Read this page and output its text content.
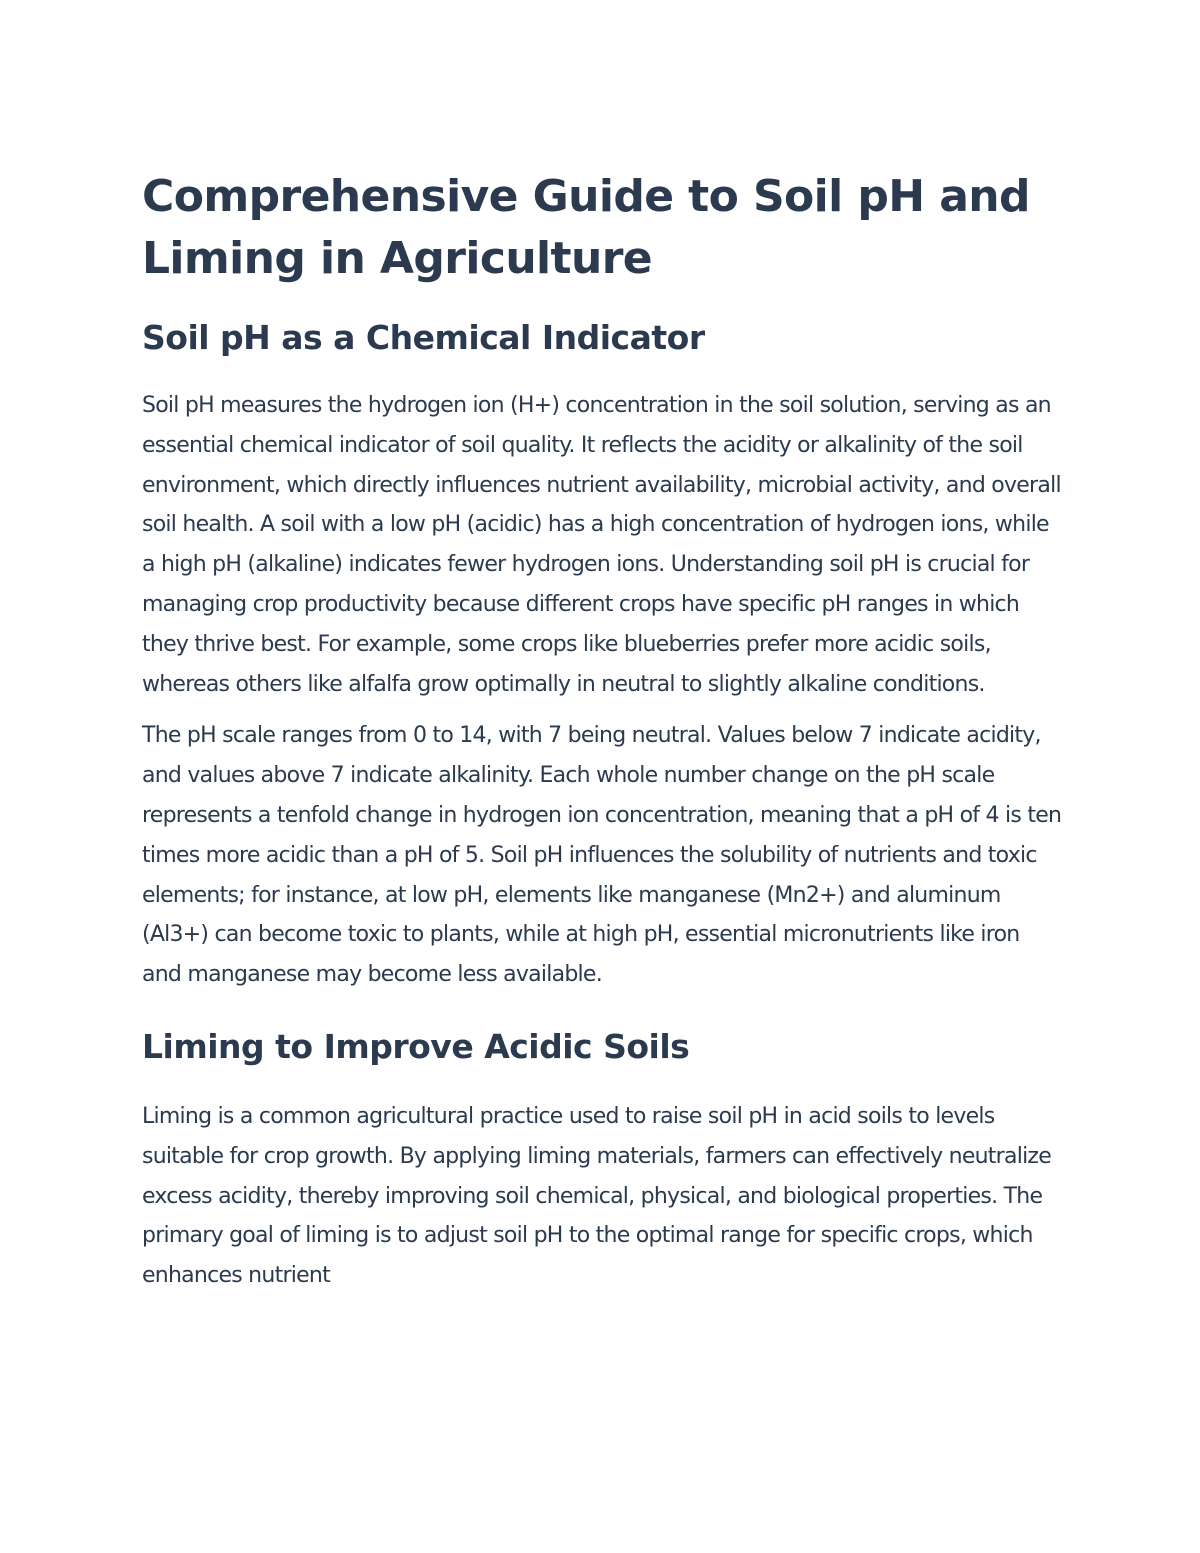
Comprehensive Guide to Soil pH and Liming in Agriculture
Soil pH as a Chemical Indicator

Soil pH measures the hydrogen ion (H+) concentration in the soil solution, serving as an essential chemical indicator of soil quality. It reflects the acidity or alkalinity of the soil environment, which directly influences nutrient availability, microbial activity, and overall soil health. A soil with a low pH (acidic) has a high concentration of hydrogen ions, while a high pH (alkaline) indicates fewer hydrogen ions. Understanding soil pH is crucial for managing crop productivity because different crops have specific pH ranges in which they thrive best. For example, some crops like blueberries prefer more acidic soils, whereas others like alfalfa grow optimally in neutral to slightly alkaline conditions.

The pH scale ranges from 0 to 14, with 7 being neutral. Values below 7 indicate acidity, and values above 7 indicate alkalinity. Each whole number change on the pH scale represents a tenfold change in hydrogen ion concentration, meaning that a pH of 4 is ten times more acidic than a pH of 5. Soil pH influences the solubility of nutrients and toxic elements; for instance, at low pH, elements like manganese (Mn2+) and aluminum (Al3+) can become toxic to plants, while at high pH, essential micronutrients like iron and manganese may become less available.

Liming to Improve Acidic Soils

Liming is a common agricultural practice used to raise soil pH in acid soils to levels suitable for crop growth. By applying liming materials, farmers can effectively neutralize excess acidity, thereby improving soil chemical, physical, and biological properties. The primary goal of liming is to adjust soil pH to the optimal range for specific crops, which enhances nutrient
